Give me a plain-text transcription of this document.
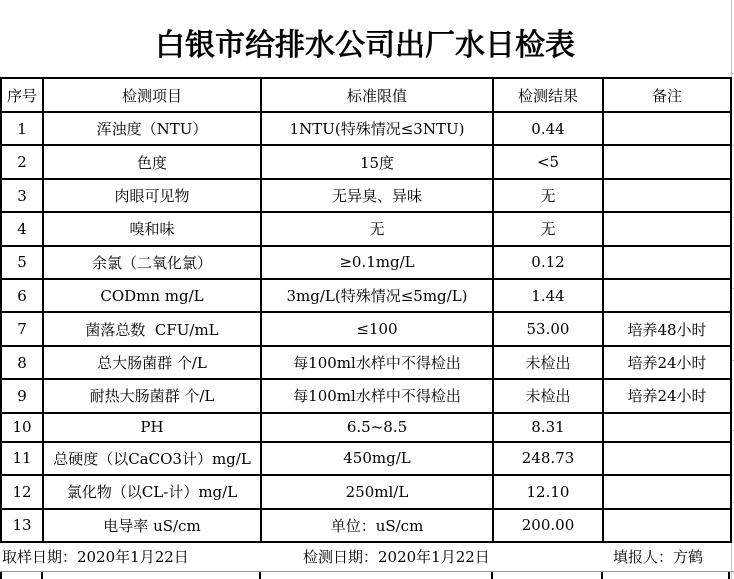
白银市给排水公司出厂水日检表
序号	检测项目	标准限值	检测结果	备注
1	浑浊度（NTU）	1NTU(特殊情况≤3NTU)	0.44	
2	色度	15度	<5	
3	肉眼可见物	无异臭、异味	无	
4	嗅和味	无	无	
5	余氯（二氧化氯）	≥0.1mg/L	0.12	
6	CODmn mg/L	3mg/L(特殊情况≤5mg/L)	1.44	
7	菌落总数  CFU/mL	≤100	53.00	培养48小时
8	总大肠菌群 个/L	每100ml水样中不得检出	未检出	培养24小时
9	耐热大肠菌群 个/L	每100ml水样中不得检出	未检出	培养24小时
10	PH	6.5~8.5	8.31	
11	总硬度（以CaCO3计）mg/L	450mg/L	248.73	
12	氯化物（以CL-计）mg/L	250ml/L	12.10	
13	电导率 uS/cm	单位：uS/cm	200.00	
取样日期：2020年1月22日	检测日期：2020年1月22日	填报人：方鹤
